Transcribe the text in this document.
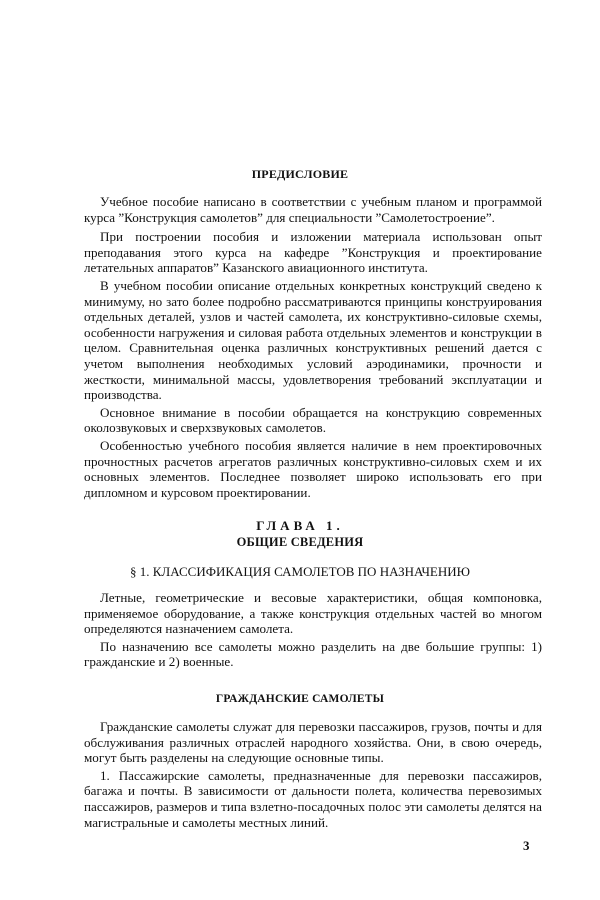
ПРЕДИСЛОВИЕ

Учебное пособие написано в соответствии с учебным планом и программой курса ”Конструкция самолетов” для специальности ”Самолетостроение”.

При построении пособия и изложении материала использован опыт преподавания этого курса на кафедре ”Конструкция и проектирование летательных аппаратов” Казанского авиационного института.

В учебном пособии описание отдельных конкретных конструкций сведено к минимуму, но зато более подробно рассматриваются принципы конструирования отдельных деталей, узлов и частей самолета, их конструктивно-силовые схемы, особенности нагружения и силовая работа отдельных элементов и конструкции в целом. Сравнительная оценка различных конструктивных решений дается с учетом выполнения необходимых условий аэродинамики, прочности и жесткости, минимальной массы, удовлетворения требований эксплуатации и производства.

Основное внимание в пособии обращается на конструкцию современных околозвуковых и сверхзвуковых самолетов.

Особенностью учебного пособия является наличие в нем проектировочных прочностных расчетов агрегатов различных конструктивно-силовых схем и их основных элементов. Последнее позволяет широко использовать его при дипломном и курсовом проектировании.

ГЛАВА 1.
ОБЩИЕ СВЕДЕНИЯ
§ 1. КЛАССИФИКАЦИЯ САМОЛЕТОВ ПО НАЗНАЧЕНИЮ

Летные, геометрические и весовые характеристики, общая компоновка, применяемое оборудование, а также конструкция отдельных частей во многом определяются назначением самолета.

По назначению все самолеты можно разделить на две большие группы: 1) гражданские и 2) военные.

ГРАЖДАНСКИЕ САМОЛЕТЫ

Гражданские самолеты служат для перевозки пассажиров, грузов, почты и для обслуживания различных отраслей народного хозяйства. Они, в свою очередь, могут быть разделены на следующие основные типы.

1. Пассажирские самолеты, предназначенные для перевозки пассажиров, багажа и почты. В зависимости от дальности полета, количества перевозимых пассажиров, размеров и типа взлетно-посадочных полос эти самолеты делятся на магистральные и самолеты местных линий.

3
